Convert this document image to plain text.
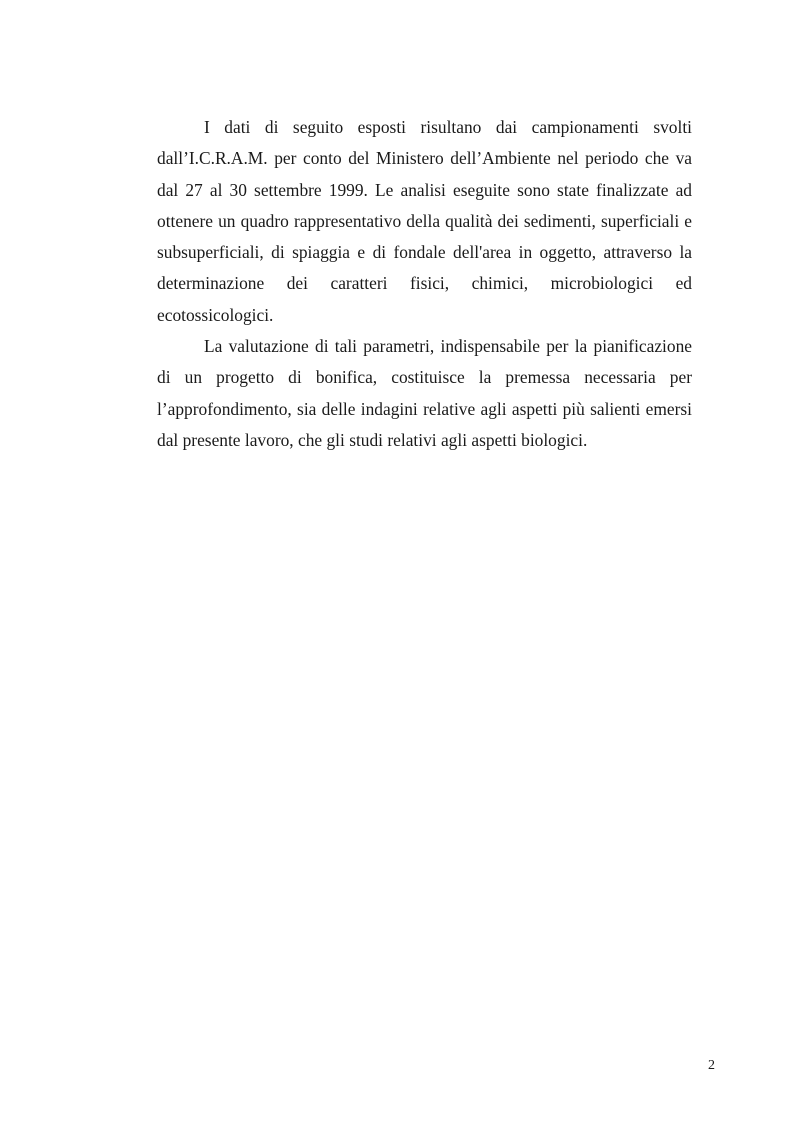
I dati di seguito esposti risultano dai campionamenti svolti dall’I.C.R.A.M. per conto del Ministero dell’Ambiente nel periodo che va dal 27 al 30 settembre 1999. Le analisi eseguite sono state finalizzate ad ottenere un quadro rappresentativo della qualità dei sedimenti, superficiali e subsuperficiali, di spiaggia e di fondale dell'area in oggetto, attraverso la determinazione dei caratteri fisici, chimici, microbiologici ed ecotossicologici.

La valutazione di tali parametri, indispensabile per la pianificazione di un progetto di bonifica, costituisce la premessa necessaria per l’approfondimento, sia delle indagini relative agli aspetti più salienti emersi dal presente lavoro, che gli studi relativi agli aspetti biologici.

2
